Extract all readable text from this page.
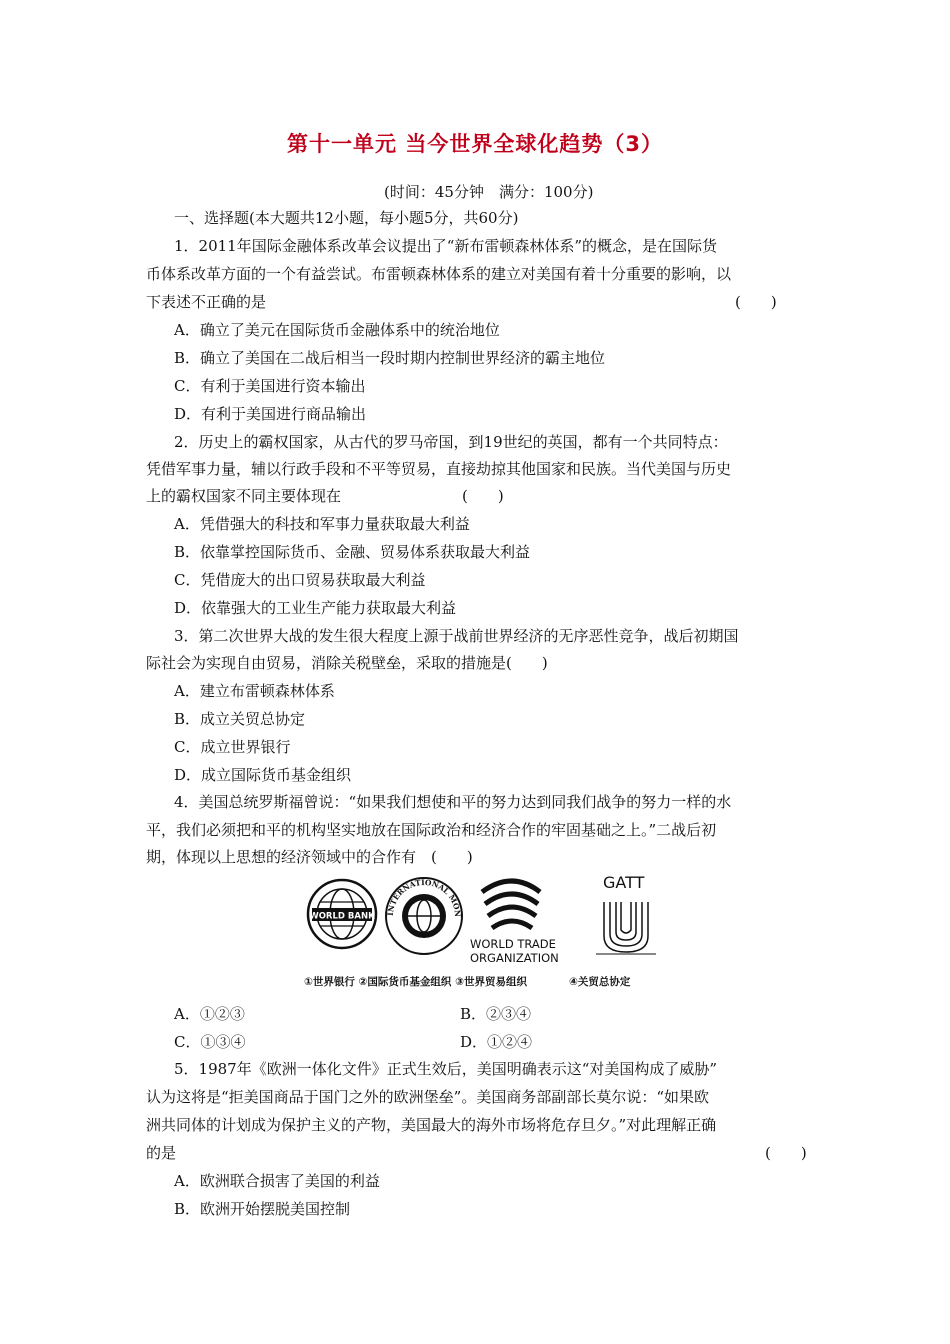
第十一单元 当今世界全球化趋势（3）
(时间：45分钟　满分：100分)
一、选择题(本大题共12小题，每小题5分，共60分)
1．2011年国际金融体系改革会议提出了“新布雷顿森林体系”的概念，是在国际货
币体系改革方面的一个有益尝试。布雷顿森林体系的建立对美国有着十分重要的影响，以
下表述不正确的是	(　　)
A．确立了美元在国际货币金融体系中的统治地位
B．确立了美国在二战后相当一段时期内控制世界经济的霸主地位
C．有利于美国进行资本输出
D．有利于美国进行商品输出
2．历史上的霸权国家，从古代的罗马帝国，到19世纪的英国，都有一个共同特点：
凭借军事力量，辅以行政手段和不平等贸易，直接劫掠其他国家和民族。当代美国与历史
上的霸权国家不同主要体现在	(　　)
A．凭借强大的科技和军事力量获取最大利益
B．依靠掌控国际货币、金融、贸易体系获取最大利益
C．凭借庞大的出口贸易获取最大利益
D．依靠强大的工业生产能力获取最大利益
3．第二次世界大战的发生很大程度上源于战前世界经济的无序恶性竞争，战后初期国
际社会为实现自由贸易，消除关税壁垒，采取的措施是(　　)
A．建立布雷顿森林体系
B．成立关贸总协定
C．成立世界银行
D．成立国际货币基金组织
4．美国总统罗斯福曾说：“如果我们想使和平的努力达到同我们战争的努力一样的水
平，我们必须把和平的机构坚实地放在国际政治和经济合作的牢固基础之上。”二战后初
期，体现以上思想的经济领域中的合作有　(　　)
WORLD BANK	INTERNATIONAL MON
WORLD TRADE
ORGANIZATION
GATT
①世界银行 ②国际货币基金组织 ③世界贸易组织　　　　④关贸总协定
A．①②③	B．②③④
C．①③④	D．①②④
5．1987年《欧洲一体化文件》正式生效后，美国明确表示这“对美国构成了威胁”
认为这将是“拒美国商品于国门之外的欧洲堡垒”。美国商务部副部长莫尔说：“如果欧
洲共同体的计划成为保护主义的产物，美国最大的海外市场将危存旦夕。”对此理解正确
的是	(　　)
A．欧洲联合损害了美国的利益
B．欧洲开始摆脱美国控制
